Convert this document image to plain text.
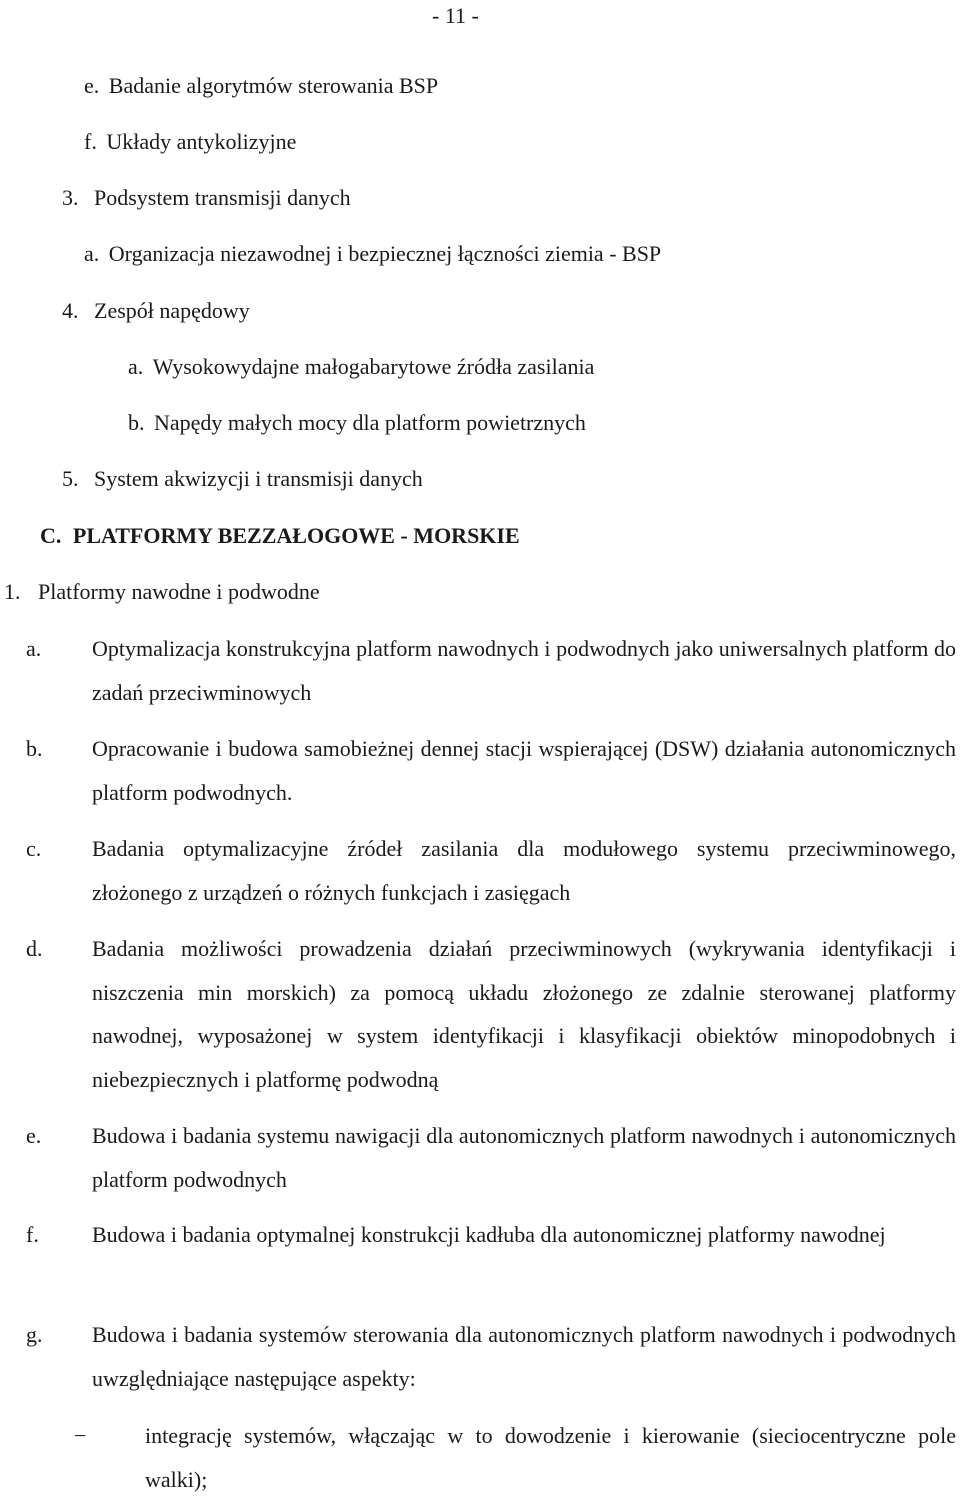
- 11 -
e. Badanie algorytmów sterowania BSP
f. Układy antykolizyjne
3. Podsystem transmisji danych
a. Organizacja niezawodnej i bezpiecznej łączności ziemia - BSP
4. Zespół napędowy
a. Wysokowydajne małogabarytowe źródła zasilania
b. Napędy małych mocy dla platform powietrznych
5. System akwizycji i transmisji danych
C. PLATFORMY BEZZAŁOGOWE - MORSKIE
1. Platformy nawodne i podwodne
a. Optymalizacja konstrukcyjna platform nawodnych i podwodnych jako uniwersalnych platform do zadań przeciwminowych
b. Opracowanie i budowa samobieżnej dennej stacji wspierającej (DSW) działania autonomicznych platform podwodnych.
c. Badania optymalizacyjne źródeł zasilania dla modułowego systemu przeciwminowego, złożonego z urządzeń o różnych funkcjach i zasięgach
d. Badania możliwości prowadzenia działań przeciwminowych (wykrywania identyfikacji i niszczenia min morskich) za pomocą układu złożonego ze zdalnie sterowanej platformy nawodnej, wyposażonej w system identyfikacji i klasyfikacji obiektów minopodobnych i niebezpiecznych i platformę podwodną
e. Budowa i badania systemu nawigacji dla autonomicznych platform nawodnych i autonomicznych platform podwodnych
f. Budowa i badania optymalnej konstrukcji kadłuba dla autonomicznej platformy nawodnej
g. Budowa i badania systemów sterowania dla autonomicznych platform nawodnych i podwodnych uwzględniające następujące aspekty:
−	integrację systemów, włączając w to dowodzenie i kierowanie (sieciocentryczne pole walki);
